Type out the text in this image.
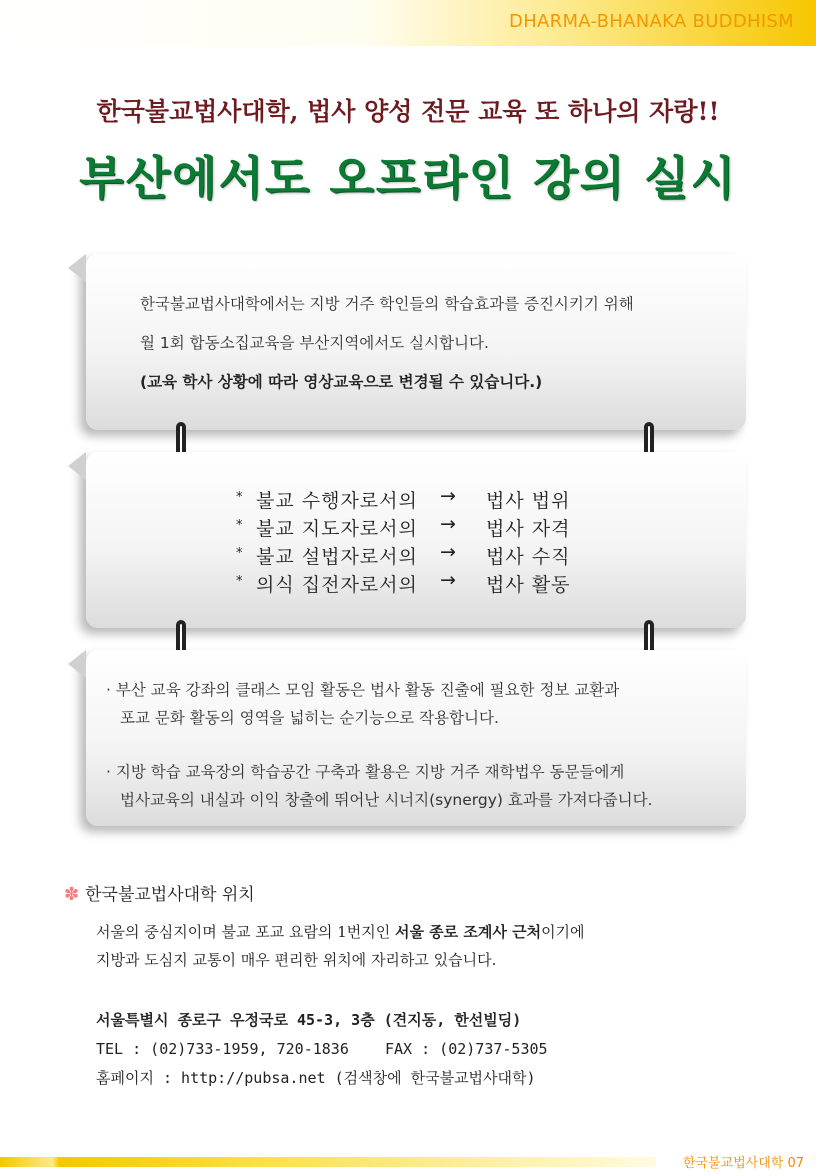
DHARMA-BHANAKA BUDDHISM
한국불교법사대학, 법사 양성 전문 교육 또 하나의 자랑!!
부산에서도 오프라인 강의 실시

한국불교법사대학에서는 지방 거주 학인들의 학습효과를 증진시키기 위해

월 1회 합동소집교육을 부산지역에서도 실시합니다.

(교육 학사 상황에 따라 영상교육으로 변경될 수 있습니다.)

* 불교 수행자로서의 → 법사 법위
* 불교 지도자로서의 → 법사 자격
* 불교 설법자로서의 → 법사 수직
* 의식 집전자로서의 → 법사 활동
· 부산 교육 강좌의 클래스 모임 활동은 법사 활동 진출에 필요한 정보 교환과
포교 문화 활동의 영역을 넓히는 순기능으로 작용합니다.
· 지방 학습 교육장의 학습공간 구축과 활용은 지방 거주 재학법우 동문들에게
법사교육의 내실과 이익 창출에 뛰어난 시너지(synergy) 효과를 가져다줍니다.
✽ 한국불교법사대학 위치
서울의 중심지이며 불교 포교 요람의 1번지인 서울 종로 조계사 근처이기에
지방과 도심지 교통이 매우 편리한 위치에 자리하고 있습니다.
서울특별시 종로구 우정국로 45-3, 3층 (견지동, 한선빌딩)
TEL : (02)733-1959, 720-1836    FAX : (02)737-5305
홈페이지 : http://pubsa.net (검색창에 한국불교법사대학)
한국불교법사대학 07
